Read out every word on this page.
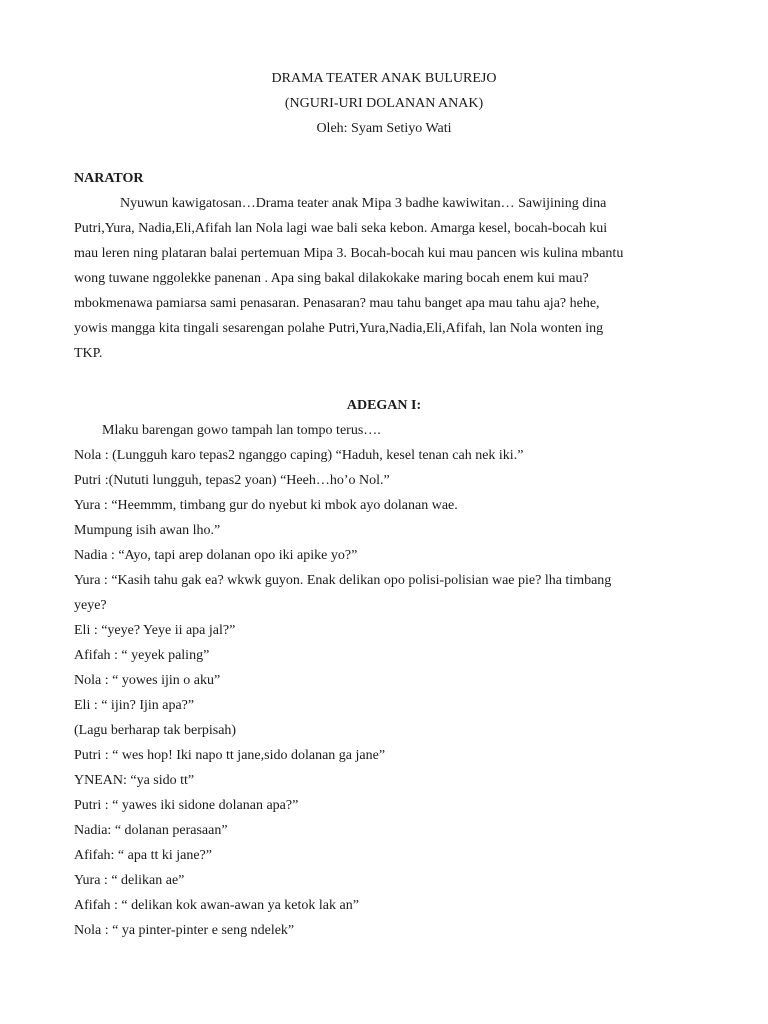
DRAMA TEATER ANAK BULUREJO
(NGURI-URI DOLANAN ANAK)
Oleh: Syam Setiyo Wati
NARATOR
Nyuwun kawigatosan…Drama teater anak Mipa 3 badhe kawiwitan… Sawijining dina
Putri,Yura, Nadia,Eli,Afifah lan Nola lagi wae bali seka kebon. Amarga kesel, bocah-bocah kui
mau leren ning plataran balai pertemuan Mipa 3. Bocah-bocah kui mau pancen wis kulina mbantu
wong tuwane nggolekke panenan . Apa sing bakal dilakokake maring bocah enem kui mau?
mbokmenawa pamiarsa sami penasaran. Penasaran? mau tahu banget apa mau tahu aja? hehe,
yowis mangga kita tingali sesarengan polahe Putri,Yura,Nadia,Eli,Afifah, lan Nola wonten ing
TKP.
ADEGAN I:
Mlaku barengan gowo tampah lan tompo terus….
Nola : (Lungguh karo tepas2 nganggo caping) “Haduh, kesel tenan cah nek iki.”
Putri :(Nututi lungguh, tepas2 yoan) “Heeh…ho’o Nol.”
Yura : “Heemmm, timbang gur do nyebut ki mbok ayo dolanan wae.
Mumpung isih awan lho.”
Nadia : “Ayo, tapi arep dolanan opo iki apike yo?”
Yura : “Kasih tahu gak ea? wkwk guyon. Enak delikan opo polisi-polisian wae pie? lha timbang
yeye?
Eli : “yeye? Yeye ii apa jal?”
Afifah : “ yeyek paling”
Nola : “ yowes ijin o aku”
Eli : “ ijin? Ijin apa?”
(Lagu berharap tak berpisah)
Putri : “ wes hop! Iki napo tt jane,sido dolanan ga jane”
YNEAN: “ya sido tt”
Putri : “ yawes iki sidone dolanan apa?”
Nadia: “ dolanan perasaan”
Afifah: “ apa tt ki jane?”
Yura : “ delikan ae”
Afifah : “ delikan kok awan-awan ya ketok lak an”
Nola : “ ya pinter-pinter e seng ndelek”
